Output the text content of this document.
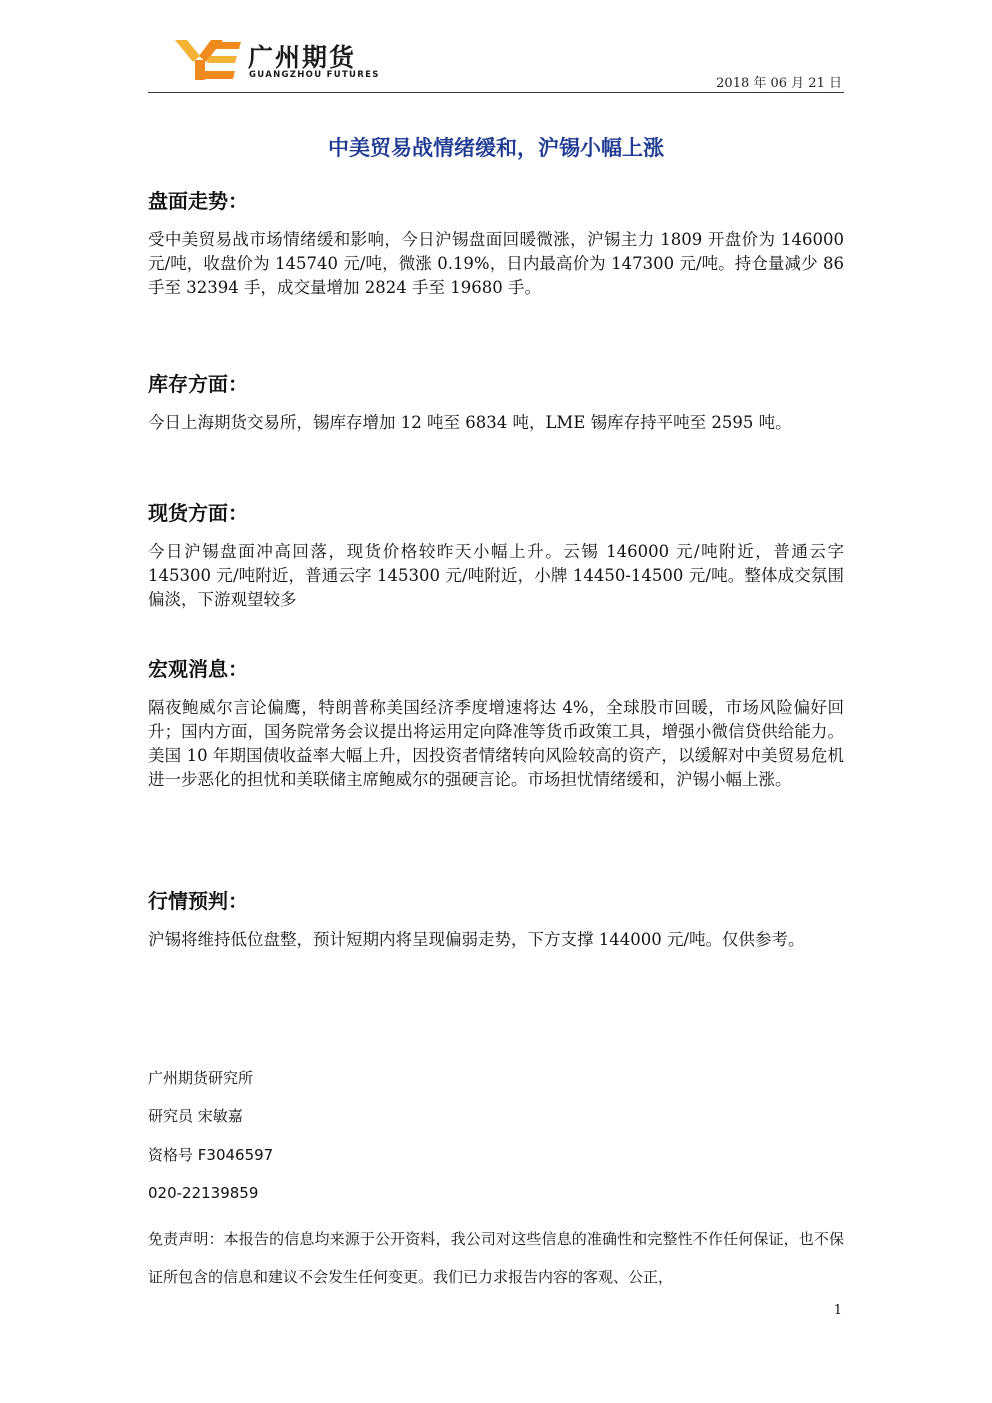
广州期货
GUANGZHOU FUTURES
2018 年 06 月 21 日
中美贸易战情绪缓和，沪锡小幅上涨
盘面走势：

受中美贸易战市场情绪缓和影响，今日沪锡盘面回暖微涨，沪锡主力 1809 开盘价为 146000 元/吨，收盘价为 145740 元/吨，微涨 0.19%，日内最高价为 147300 元/吨。持仓量减少 86 手至 32394 手，成交量增加 2824 手至 19680 手。

库存方面：

今日上海期货交易所，锡库存增加 12 吨至 6834 吨，LME 锡库存持平吨至 2595 吨。

现货方面：

今日沪锡盘面冲高回落，现货价格较昨天小幅上升。云锡 146000 元/吨附近，普通云字 145300 元/吨附近，普通云字 145300 元/吨附近，小牌 14450-14500 元/吨。整体成交氛围偏淡，下游观望较多

宏观消息：

隔夜鲍威尔言论偏鹰，特朗普称美国经济季度增速将达 4%，全球股市回暖，市场风险偏好回升；国内方面，国务院常务会议提出将运用定向降准等货币政策工具，增强小微信贷供给能力。美国 10 年期国债收益率大幅上升，因投资者情绪转向风险较高的资产，以缓解对中美贸易危机进一步恶化的担忧和美联储主席鲍威尔的强硬言论。市场担忧情绪缓和，沪锡小幅上涨。

行情预判：

沪锡将维持低位盘整，预计短期内将呈现偏弱走势，下方支撑 144000 元/吨。仅供参考。

广州期货研究所
研究员 宋敏嘉
资格号 F3046597
020-22139859

免责声明：本报告的信息均来源于公开资料，我公司对这些信息的准确性和完整性不作任何保证，也不保证所包含的信息和建议不会发生任何变更。我们已力求报告内容的客观、公正，

1
